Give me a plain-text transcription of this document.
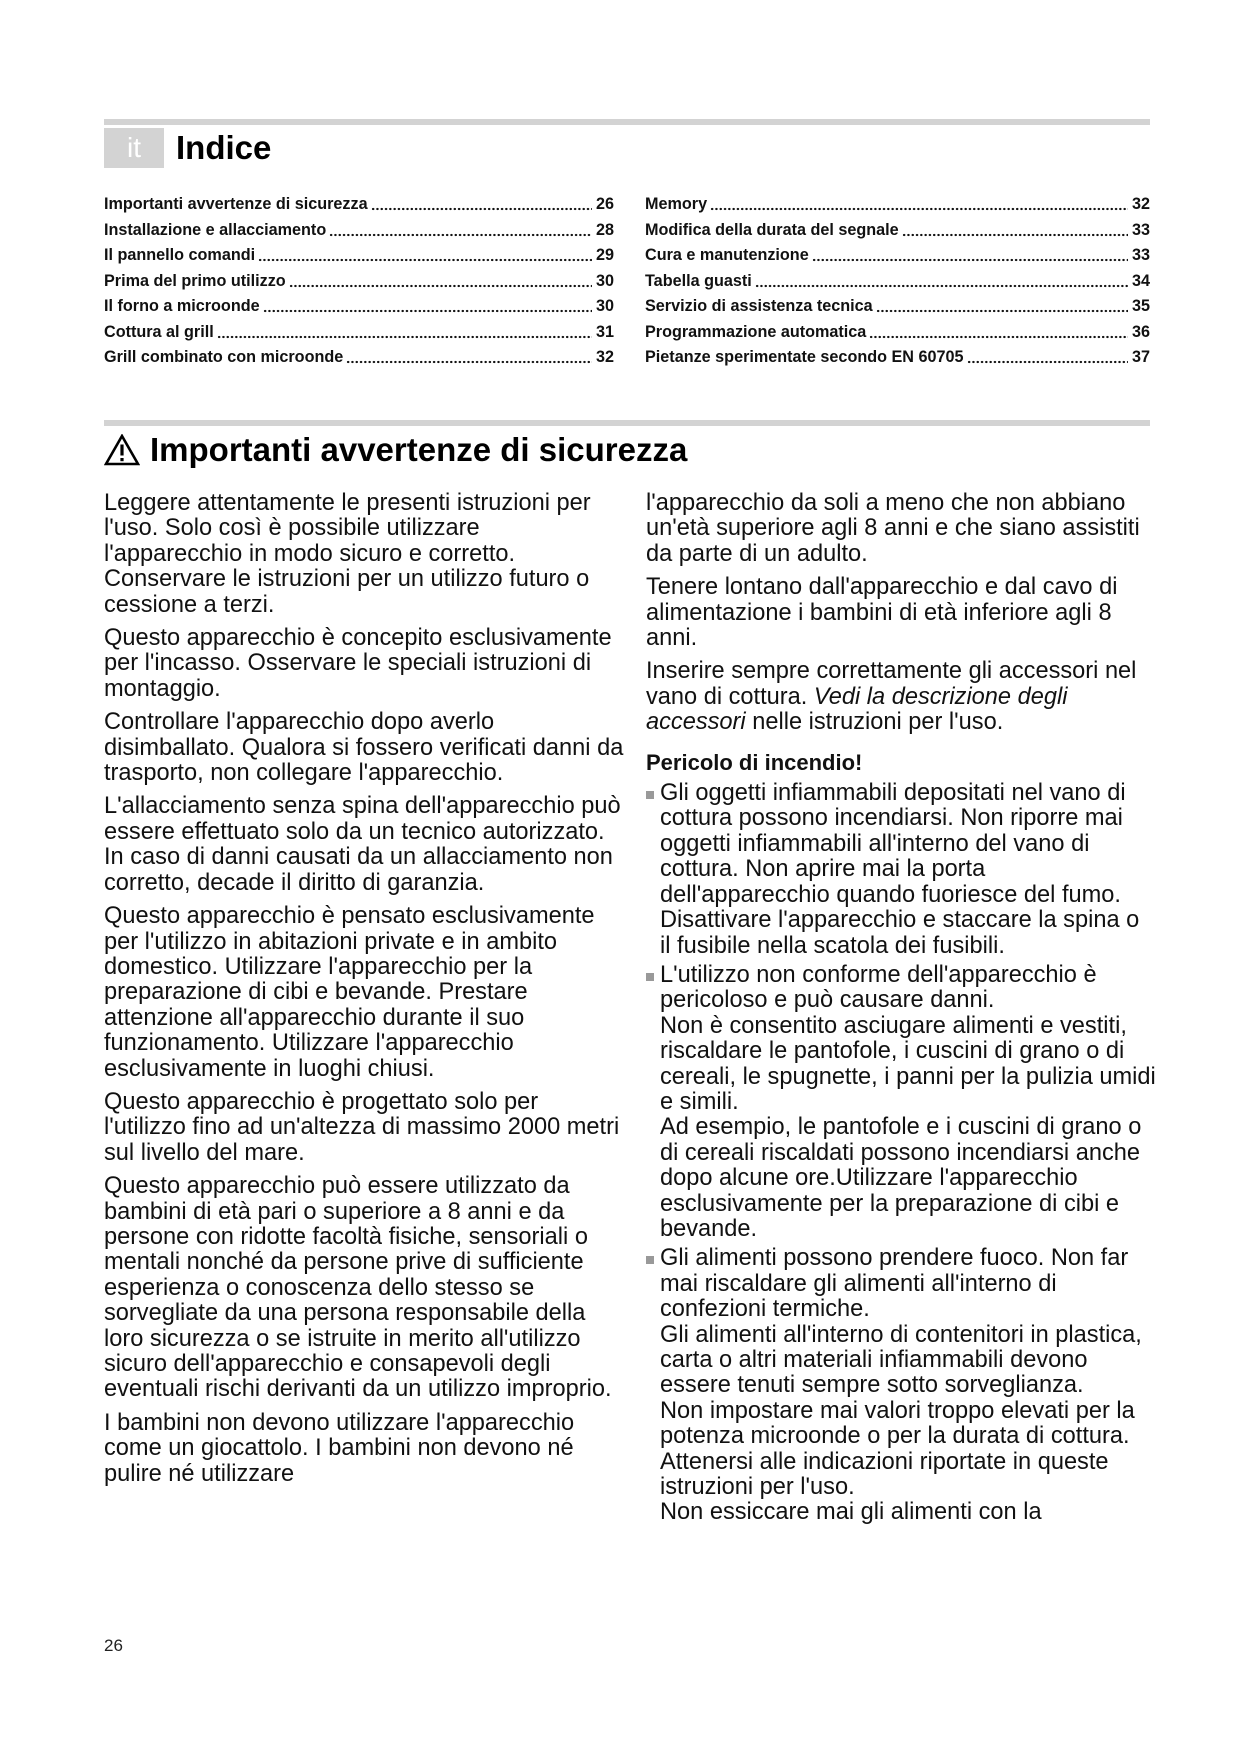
it	Indice
Importanti avvertenze di sicurezza	26
Installazione e allacciamento	28
Il pannello comandi	29
Prima del primo utilizzo	30
Il forno a microonde	30
Cottura al grill	31
Grill combinato con microonde	32
Memory	32
Modifica della durata del segnale	33
Cura e manutenzione	33
Tabella guasti	34
Servizio di assistenza tecnica	35
Programmazione automatica	36
Pietanze sperimentate secondo EN 60705	37
Importanti avvertenze di sicurezza

Leggere attentamente le presenti istruzioni per l'uso. Solo così è possibile utilizzare l'apparecchio in modo sicuro e corretto. Conservare le istruzioni per un utilizzo futuro o cessione a terzi.

Questo apparecchio è concepito esclusivamente per l'incasso. Osservare le speciali istruzioni di montaggio.

Controllare l'apparecchio dopo averlo disimballato. Qualora si fossero verificati danni da trasporto, non collegare l'apparecchio.

L'allacciamento senza spina dell'apparecchio può essere effettuato solo da un tecnico autorizzato. In caso di danni causati da un allacciamento non corretto, decade il diritto di garanzia.

Questo apparecchio è pensato esclusivamente per l'utilizzo in abitazioni private e in ambito domestico. Utilizzare l'apparecchio per la preparazione di cibi e bevande. Prestare attenzione all'apparecchio durante il suo funzionamento. Utilizzare l'apparecchio esclusivamente in luoghi chiusi.

Questo apparecchio è progettato solo per l'utilizzo fino ad un'altezza di massimo 2000 metri sul livello del mare.

Questo apparecchio può essere utilizzato da bambini di età pari o superiore a 8 anni e da persone con ridotte facoltà fisiche, sensoriali o mentali nonché da persone prive di sufficiente esperienza o conoscenza dello stesso se sorvegliate da una persona responsabile della loro sicurezza o se istruite in merito all'utilizzo sicuro dell'apparecchio e consapevoli degli eventuali rischi derivanti da un utilizzo improprio.

I bambini non devono utilizzare l'apparecchio come un giocattolo. I bambini non devono né pulire né utilizzare

l'apparecchio da soli a meno che non abbiano un'età superiore agli 8 anni e che siano assistiti da parte di un adulto.

Tenere lontano dall'apparecchio e dal cavo di alimentazione i bambini di età inferiore agli 8 anni.

Inserire sempre correttamente gli accessori nel vano di cottura. Vedi la descrizione degli accessori nelle istruzioni per l'uso.

Pericolo di incendio!
Gli oggetti infiammabili depositati nel vano di cottura possono incendiarsi. Non riporre mai oggetti infiammabili all'interno del vano di cottura. Non aprire mai la porta dell'apparecchio quando fuoriesce del fumo. Disattivare l'apparecchio e staccare la spina o il fusibile nella scatola dei fusibili.
L'utilizzo non conforme dell'apparecchio è pericoloso e può causare danni.
Non è consentito asciugare alimenti e vestiti, riscaldare le pantofole, i cuscini di grano o di cereali, le spugnette, i panni per la pulizia umidi e simili.
Ad esempio, le pantofole e i cuscini di grano o di cereali riscaldati possono incendiarsi anche dopo alcune ore.Utilizzare l'apparecchio esclusivamente per la preparazione di cibi e bevande.
Gli alimenti possono prendere fuoco. Non far mai riscaldare gli alimenti all'interno di confezioni termiche.
Gli alimenti all'interno di contenitori in plastica, carta o altri materiali infiammabili devono essere tenuti sempre sotto sorveglianza.
Non impostare mai valori troppo elevati per la potenza microonde o per la durata di cottura. Attenersi alle indicazioni riportate in queste istruzioni per l'uso.
Non essiccare mai gli alimenti con la
26
